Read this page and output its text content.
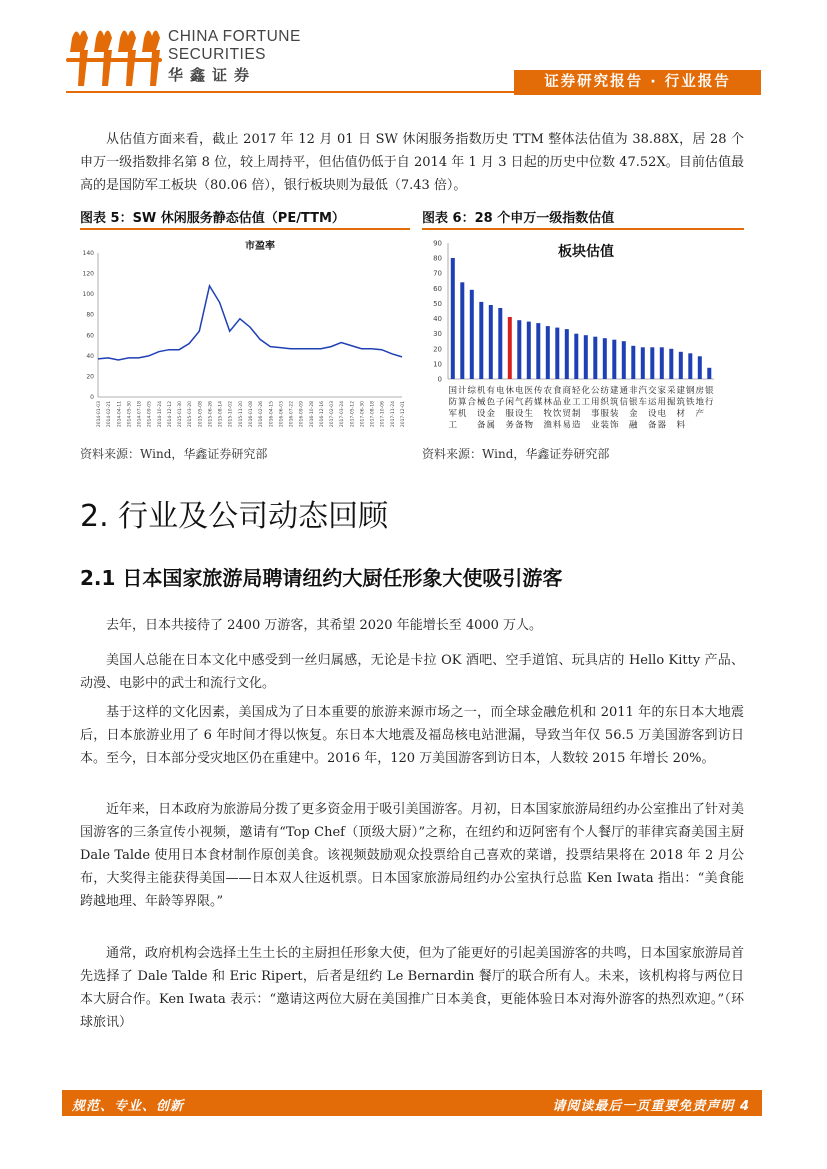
CHINA FORTUNE
SECURITIES
华鑫证券	证券研究报告 · 行业报告

从估值方面来看，截止 2017 年 12 月 01 日 SW 休闲服务指数历史 TTM 整体法估值为 38.88X，居 28 个申万一级指数排名第 8 位，较上周持平，但估值仍低于自 2014 年 1 月 3 日起的历史中位数 47.52X。目前估值最高的是国防军工板块（80.06 倍），银行板块则为最低（7.43 倍）。

图表 5：SW 休闲服务静态估值（PE/TTM）
市盈率
0
20
40
60
80
100
120
140
2014-01-03 2014-02-21 2014-04-11 2014-05-30 2014-07-18 2014-09-05 2014-10-24 2014-12-12 2015-01-30 2015-03-20 2015-05-08 2015-06-26 2015-08-14 2015-10-02 2015-11-20 2016-01-08 2016-02-26 2016-04-15 2016-06-03 2016-07-22 2016-09-09 2016-10-28 2016-12-16 2017-02-03 2017-03-24 2017-05-12 2017-06-30 2017-08-18 2017-10-06 2017-11-24 2017-12-01
资料来源：Wind，华鑫证券研究部
图表 6：28 个申万一级指数估值
板块估值
0
10
20
30
40
50
60
70
80
90
国防军工
计算机
综合
机械设备
有色金属
电子
休闲服务
电气设备
医药生物
传媒
农林牧渔
食品饮料
商业贸易
轻工制造
化工
公用事业
纺织服装
建筑装饰
通信
非银金融
汽车
交运设备
家用电器
采掘
建筑材料
钢铁
房地产
银行
资料来源：Wind，华鑫证券研究部
2. 行业及公司动态回顾
2.1 日本国家旅游局聘请纽约大厨任形象大使吸引游客

去年，日本共接待了 2400 万游客，其希望 2020 年能增长至 4000 万人。

美国人总能在日本文化中感受到一丝归属感，无论是卡拉 OK 酒吧、空手道馆、玩具店的 Hello Kitty 产品、动漫、电影中的武士和流行文化。

基于这样的文化因素，美国成为了日本重要的旅游来源市场之一，而全球金融危机和 2011 年的东日本大地震后，日本旅游业用了 6 年时间才得以恢复。东日本大地震及福岛核电站泄漏，导致当年仅 56.5 万美国游客到访日本。至今，日本部分受灾地区仍在重建中。2016 年，120 万美国游客到访日本，人数较 2015 年增长 20%。

近年来，日本政府为旅游局分拨了更多资金用于吸引美国游客。月初，日本国家旅游局纽约办公室推出了针对美国游客的三条宣传小视频，邀请有“Top Chef（顶级大厨）”之称，在纽约和迈阿密有个人餐厅的菲律宾裔美国主厨 Dale Talde 使用日本食材制作原创美食。该视频鼓励观众投票给自己喜欢的菜谱，投票结果将在 2018 年 2 月公布，大奖得主能获得美国——日本双人往返机票。日本国家旅游局纽约办公室执行总监 Ken Iwata 指出：“美食能跨越地理、年龄等界限。”

通常，政府机构会选择土生土长的主厨担任形象大使，但为了能更好的引起美国游客的共鸣，日本国家旅游局首先选择了 Dale Talde 和 Eric Ripert，后者是纽约 Le Bernardin 餐厅的联合所有人。未来，该机构将与两位日本大厨合作。Ken Iwata 表示：“邀请这两位大厨在美国推广日本美食，更能体验日本对海外游客的热烈欢迎。”（环球旅讯）

规范、专业、创新	请阅读最后一页重要免责声明 4
